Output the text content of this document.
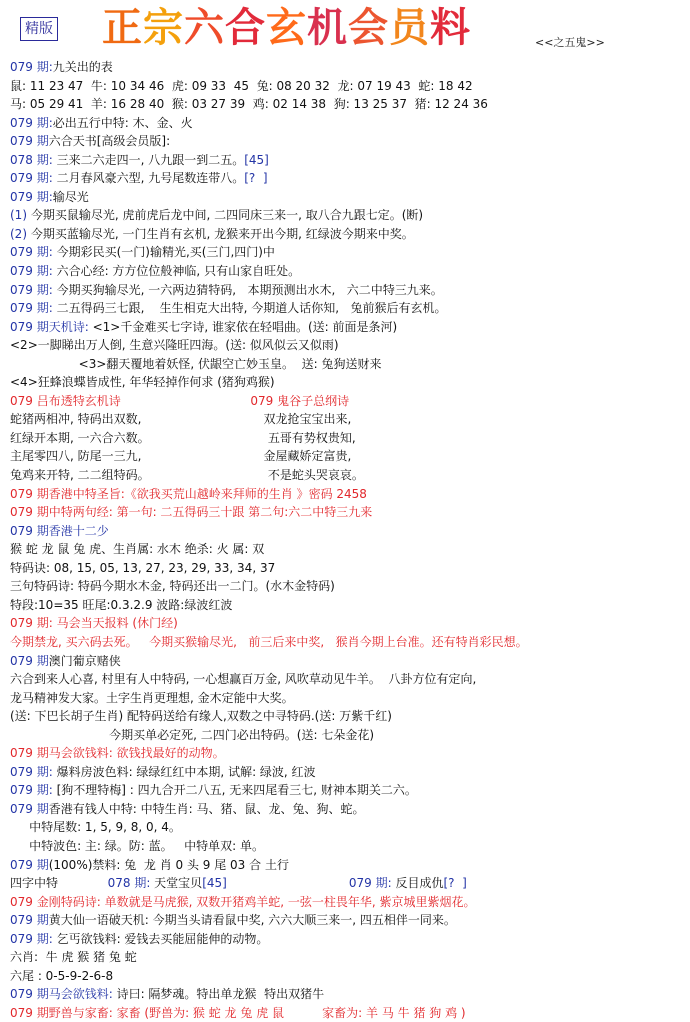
精版 正宗六合玄机会员料	<<之五鬼>>
079 期:九关出的表
鼠: 11 23 47  牛: 10 34 46  虎: 09 33  45  兔: 08 20 32  龙: 07 19 43  蛇: 18 42
马: 05 29 41  羊: 16 28 40  猴: 03 27 39  鸡: 02 14 38  狗: 13 25 37  猪: 12 24 36
079 期:必出五行中特: 木、金、火
079 期六合天书[高级会员版]:
078 期: 三来二六走四一, 八九跟一到二五。[45]
079 期: 二月春风豪六型, 九号尾数连带八。[?  ]
079 期:输尽光
(1) 今期买鼠输尽光, 虎前虎后龙中间, 二四同床三来一, 取八合九跟七定。(断)
(2) 今期买蓝输尽光, 一门生肖有玄机, 龙猴来开出今期, 红绿波今期来中奖。
079 期: 今期彩民买(一门)输精光,买(三门,四门)中
079 期: 六合心经: 方方位位般神临, 只有山家自旺处。
079 期: 今期买狗输尽光, 一六两边猜特码,   本期预测出水木,   六二中特三九来。
079 期: 二五得码三七跟,    生生相克大出特, 今期道人话你知,   兔前猴后有玄机。
079 期天机诗: <1>千金难买七字诗, 谁家依在轻唱曲。(送: 前面是条河)
<2>一脚睇出万人倒, 生意兴隆旺四海。(送: 似风似云又似雨)
<3>翻天覆地着妖怪, 伏龈空亡妙玉皇。  送: 兔狗送财来
<4>狂蜂浪蝶皆成性, 年华轻掉作何求 (猪狗鸡猴)
079 吕布透特玄机诗                                  079 鬼谷子总纲诗
蛇猪两相冲, 特码出双数,                                双龙抢宝宝出来,
红绿开本期, 一六合六数。                               五哥有势权贵知,
主尾零四八, 防尾一三九,                                金屋藏娇定富贵,
兔鸡来开特, 二二组特码。                               不是蛇头哭哀哀。
079 期香港中特圣旨:《欲我买荒山越岭来拜师的生肖 》密码 2458
079 期中特两句经: 第一句: 二五得码三十跟 第二句:六二中特三九来
079 期香港十二少
猴 蛇 龙 鼠 兔 虎、生肖属: 水木 绝杀: 火 属: 双
特码诀: 08, 15, 05, 13, 27, 23, 29, 33, 34, 37
三句特码诗: 特码今期水木金, 特码还出一二门。(水木金特码)
特段:10=35 旺尾:0.3.2.9 波路:绿波红波
079 期: 马会当天报料 (休门经)
今期禁龙, 买六码去死。   今期买猴输尽光,   前三后来中奖,   猴肖今期上台准。还有特肖彩民想。
079 期澳门葡京赌侠
六合到来人心喜, 村里有人中特码, 一心想赢百万金, 风吹草动见牛羊。  八卦方位有定向,
龙马精神发大家。土字生肖更理想, 金木定能中大奖。
(送: 下巴长胡子生肖) 配特码送给有缘人,双数之中寻特码.(送: 万紫千红)
今期买单必定死, 二四门必出特码。(送: 七朵金花)
079 期马会欲钱料: 欲钱找最好的动物。
079 期: 爆料房波色料: 绿绿红红中本期, 试解: 绿波, 红波
079 期: [狗不理特梅] : 四九合开二八五, 无来四尾看三七, 财神本期关二六。
079 期香港有钱人中特: 中特生肖: 马、猪、鼠、龙、兔、狗、蛇。
中特尾数: 1, 5, 9, 8, 0, 4。
中特波色: 主: 绿。防: 蓝。   中特单双: 单。
079 期(100%)禁料: 兔  龙 肖 0 头 9 尾 03 合 土行
四字中特             078 期: 天堂宝贝[45]                                079 期: 反目成仇[?  ]
079 金刚特码诗: 单数就是马虎猴, 双数开猪鸡羊蛇, 一弦一柱畏年华, 紫京城里紫烟花。
079 期黄大仙一语破天机: 今期当头请看鼠中奖, 六六大顺三来一, 四五相伴一同来。
079 期: 乞丐欲钱料: 爱钱去买能屈能伸的动物。
六肖:  牛 虎 猴 猪 兔 蛇
六尾 : 0-5-9-2-6-8
079 期马会欲钱料: 诗曰: 隔梦魂。特出单龙猴  特出双猪牛
079 期野兽与家畜: 家畜 (野兽为: 猴 蛇 龙 兔 虎 鼠          家畜为: 羊 马 牛 猪 狗 鸡 )
